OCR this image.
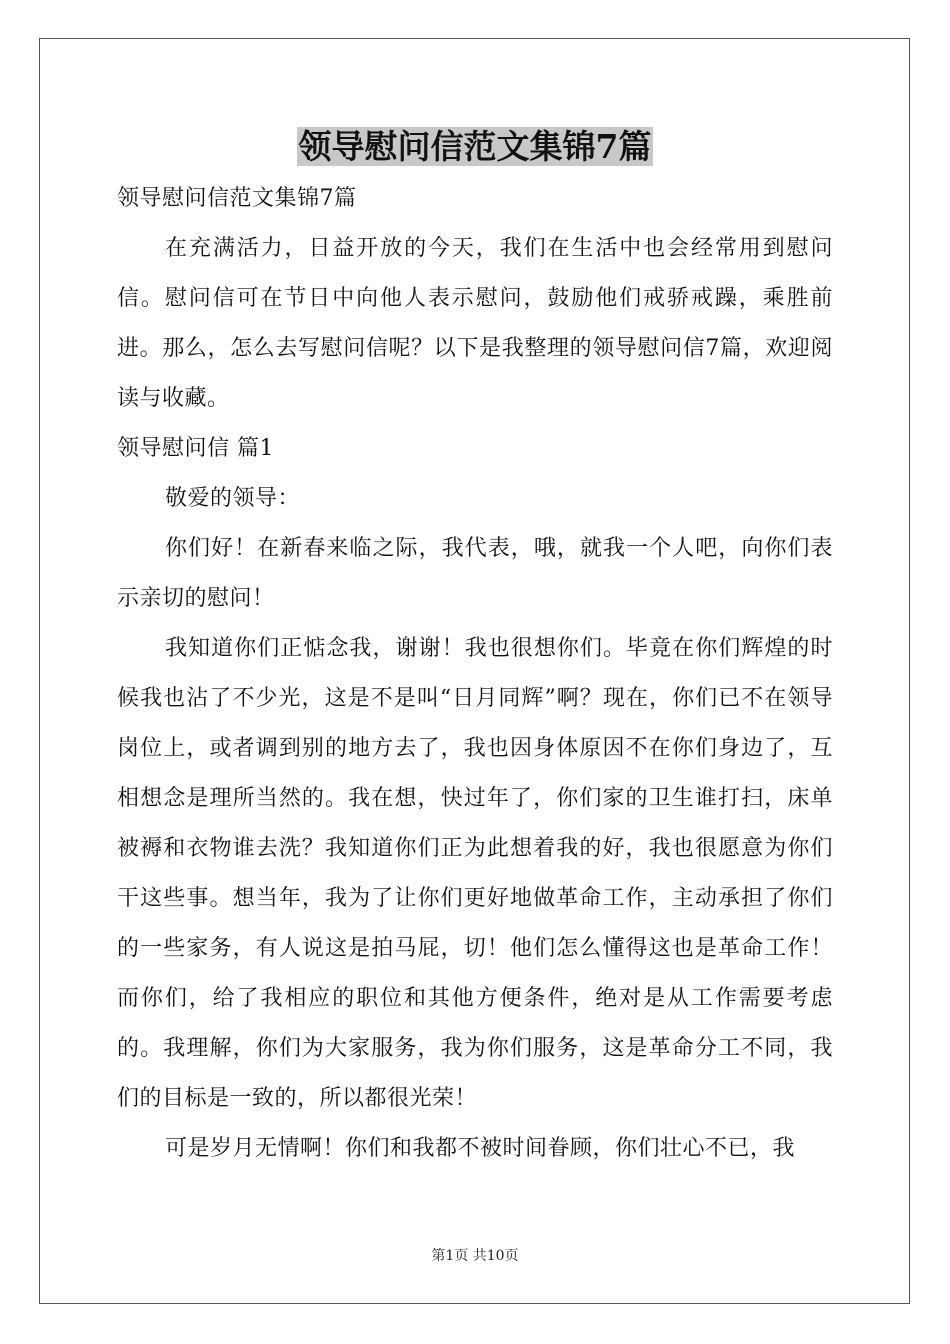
领导慰问信范文集锦7篇

领导慰问信范文集锦7篇

在充满活力，日益开放的今天，我们在生活中也会经常用到慰问信。慰问信可在节日中向他人表示慰问，鼓励他们戒骄戒躁，乘胜前进。那么，怎么去写慰问信呢？以下是我整理的领导慰问信7篇，欢迎阅读与收藏。

领导慰问信 篇1

敬爱的领导：

你们好！在新春来临之际，我代表，哦，就我一个人吧，向你们表示亲切的慰问！

我知道你们正惦念我，谢谢！我也很想你们。毕竟在你们辉煌的时候我也沾了不少光，这是不是叫“日月同辉”啊？现在，你们已不在领导岗位上，或者调到别的地方去了，我也因身体原因不在你们身边了，互相想念是理所当然的。我在想，快过年了，你们家的卫生谁打扫，床单被褥和衣物谁去洗？我知道你们正为此想着我的好，我也很愿意为你们干这些事。想当年，我为了让你们更好地做革命工作，主动承担了你们的一些家务，有人说这是拍马屁，切！他们怎么懂得这也是革命工作！而你们，给了我相应的职位和其他方便条件，绝对是从工作需要考虑的。我理解，你们为大家服务，我为你们服务，这是革命分工不同，我们的目标是一致的，所以都很光荣！

可是岁月无情啊！你们和我都不被时间眷顾，你们壮心不已，我

第1页 共10页
